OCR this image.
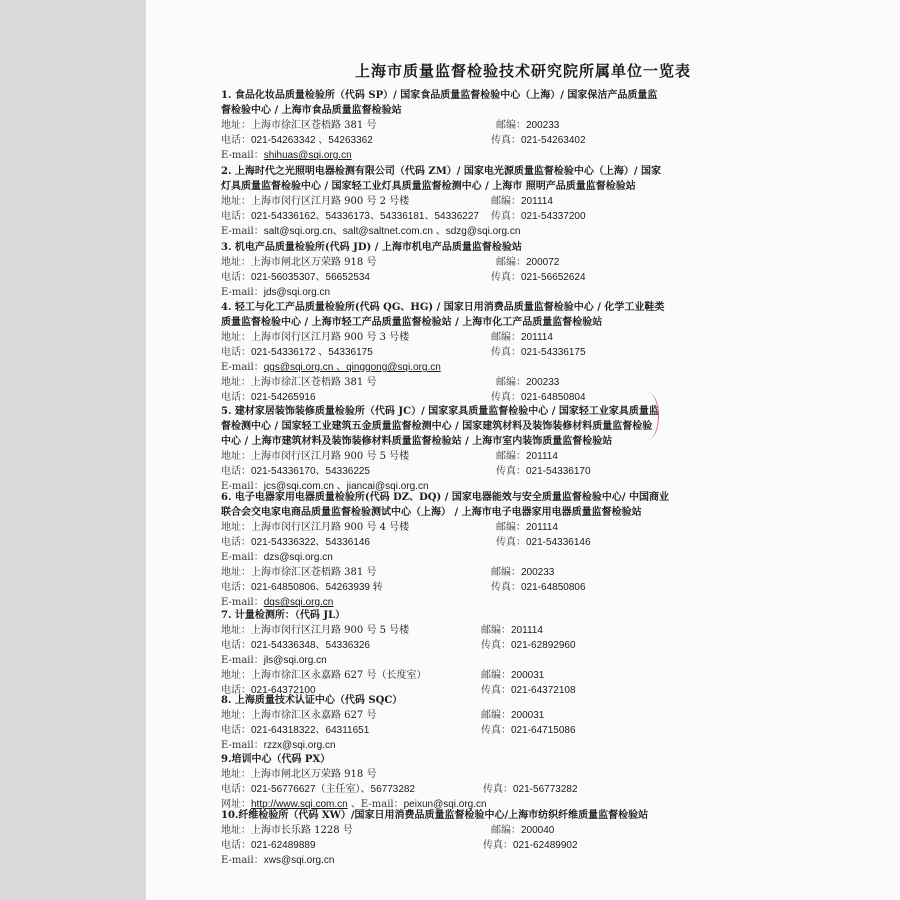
上海市质量监督检验技术研究院所属单位一览表
1. 食品化妆品质量检验所（代码 SP）/ 国家食品质量监督检验中心（上海）/ 国家保洁产品质量监
督检验中心 / 上海市食品质量监督检验站
地址：上海市徐汇区苍梧路 381 号	邮编：200233
电话：021-54263342 、54263362	传真：021-54263402
E-mail：shihuas@sqi.org.cn
2. 上海时代之光照明电器检测有限公司（代码 ZM）/ 国家电光源质量监督检验中心（上海）/ 国家
灯具质量监督检验中心 / 国家轻工业灯具质量监督检测中心 / 上海市 照明产品质量监督检验站
地址：上海市闵行区江月路 900 号 2 号楼	邮编：201114
电话：021-54336162、54336173、54336181、54336227 传真：021-54337200
E-mail：salt@sqi.org.cn、salt@saltnet.com.cn 、sdzg@sqi.org.cn
3. 机电产品质量检验所(代码 JD) / 上海市机电产品质量监督检验站
地址：上海市闸北区万荣路 918 号	邮编：200072
电话：021-56035307、56652534	传真：021-56652624
E-mail：jds@sqi.org.cn
4. 轻工与化工产品质量检验所(代码 QG、HG) / 国家日用消费品质量监督检验中心 / 化学工业鞋类
质量监督检验中心 / 上海市轻工产品质量监督检验站 / 上海市化工产品质量监督检验站
地址：上海市闵行区江月路 900 号 3 号楼	邮编：201114
电话：021-54336172 、54336175	传真：021-54336175
E-mail：qgs@sqi.org.cn 、qinggong@sqi.org.cn
地址：上海市徐汇区苍梧路 381 号	邮编：200233
电话：021-54265916	传真：021-64850804
5. 建材家居装饰装修质量检验所（代码 JC）/ 国家家具质量监督检验中心 / 国家轻工业家具质量监
督检测中心 / 国家轻工业建筑五金质量监督检测中心 / 国家建筑材料及装饰装修材料质量监督检验
中心 / 上海市建筑材料及装饰装修材料质量监督检验站 / 上海市室内装饰质量监督检验站
地址：上海市闵行区江月路 900 号 5 号楼	邮编：201114
电话：021-54336170、54336225	传真：021-54336170
E-mail：jcs@sqi.com.cn 、jiancai@sqi.org.cn
6. 电子电器家用电器质量检验所(代码 DZ、DQ) / 国家电器能效与安全质量监督检验中心/ 中国商业
联合会交电家电商品质量监督检验测试中心（上海） / 上海市电子电器家用电器质量监督检验站
地址：上海市闵行区江月路 900 号 4 号楼	邮编：201114
电话：021-54336322、54336146	传真：021-54336146
E-mail：dzs@sqi.org.cn
地址：上海市徐汇区苍梧路 381 号	邮编：200233
电话：021-64850806、54263939 转	传真：021-64850806
E-mail：dqs@sqi.org.cn
7. 计量检测所：（代码 JL）
地址：上海市闵行区江月路 900 号 5 号楼	邮编：201114
电话：021-54336348、54336326	传真：021-62892960
E-mail：jls@sqi.org.cn
地址：上海市徐汇区永嘉路 627 号（长度室）	邮编：200031
电话：021-64372100	传真：021-64372108
8. 上海质量技术认证中心（代码 SQC）
地址：上海市徐汇区永嘉路 627 号	邮编：200031
电话：021-64318322、64311651	传真：021-64715086
E-mail：rzzx@sqi.org.cn
9.培训中心（代码 PX）
地址：上海市闸北区万荣路 918 号
电话：021-56776627（主任室）、56773282	传真：021-56773282
网址：http://www.sqi.com.cn 、E-mail：peixun@sqi.org.cn
10.纤维检验所（代码 XW）/国家日用消费品质量监督检验中心/上海市纺织纤维质量监督检验站
地址：上海市长乐路 1228 号	邮编：200040
电话：021-62489889	传真：021-62489902
E-mail：xws@sqi.org.cn
